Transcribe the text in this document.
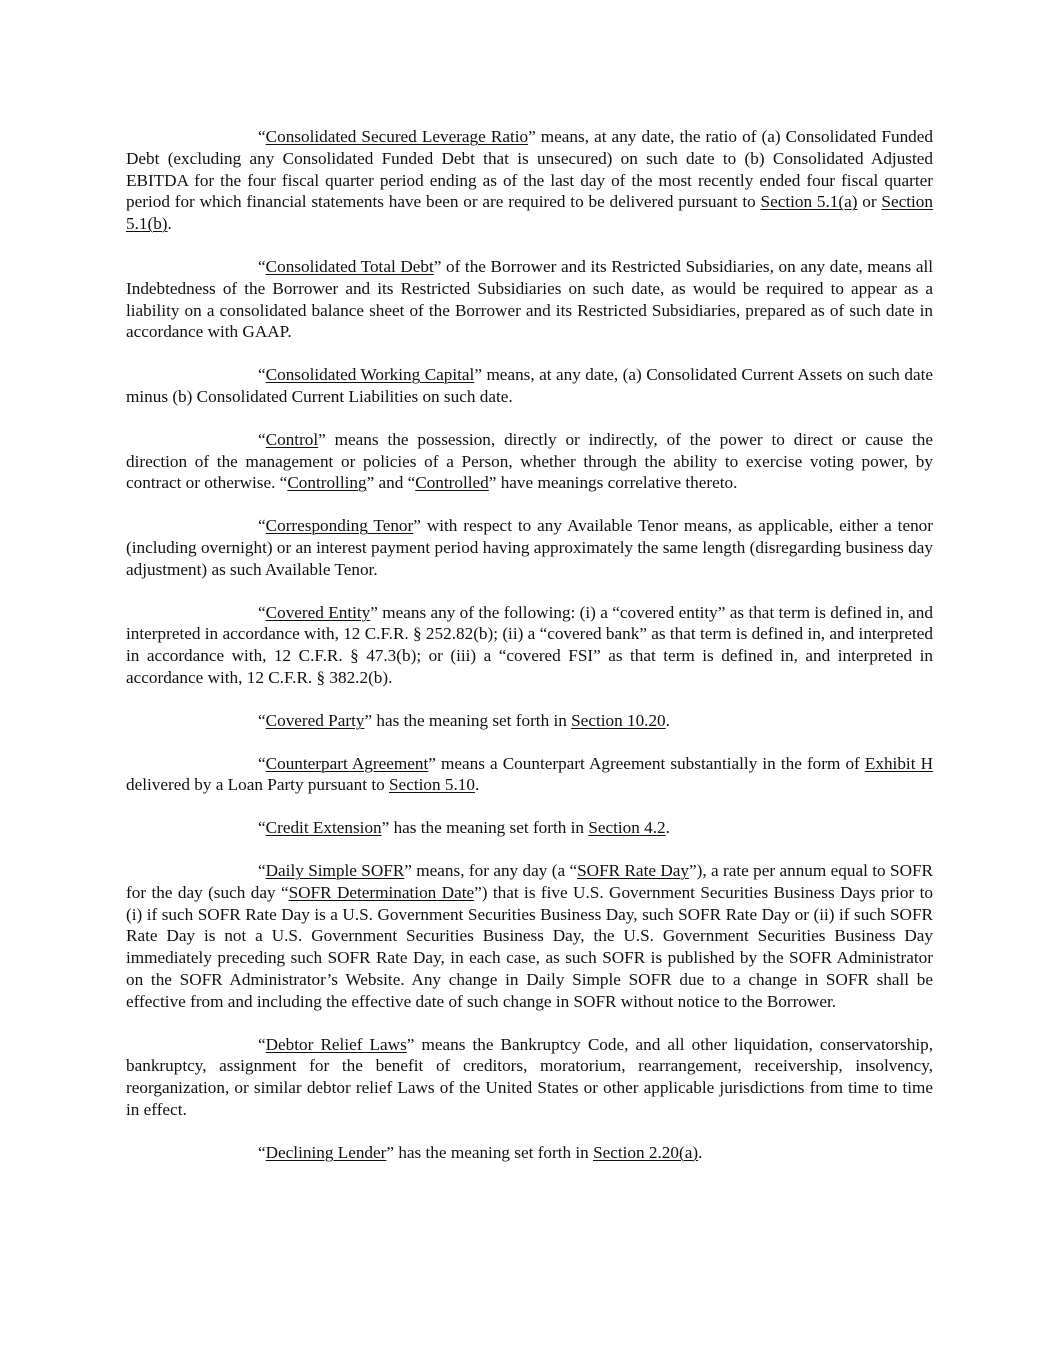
“Consolidated Secured Leverage Ratio” means, at any date, the ratio of (a) Consolidated Funded Debt (excluding any Consolidated Funded Debt that is unsecured) on such date to (b) Consolidated Adjusted EBITDA for the four fiscal quarter period ending as of the last day of the most recently ended four fiscal quarter period for which financial statements have been or are required to be delivered pursuant to Section 5.1(a) or Section 5.1(b).

“Consolidated Total Debt” of the Borrower and its Restricted Subsidiaries, on any date, means all Indebtedness of the Borrower and its Restricted Subsidiaries on such date, as would be required to appear as a liability on a consolidated balance sheet of the Borrower and its Restricted Subsidiaries, prepared as of such date in accordance with GAAP.

“Consolidated Working Capital” means, at any date, (a) Consolidated Current Assets on such date minus (b) Consolidated Current Liabilities on such date.

“Control” means the possession, directly or indirectly, of the power to direct or cause the direction of the management or policies of a Person, whether through the ability to exercise voting power, by contract or otherwise. “Controlling” and “Controlled” have meanings correlative thereto.

“Corresponding Tenor” with respect to any Available Tenor means, as applicable, either a tenor (including overnight) or an interest payment period having approximately the same length (disregarding business day adjustment) as such Available Tenor.

“Covered Entity” means any of the following: (i) a “covered entity” as that term is defined in, and interpreted in accordance with, 12 C.F.R. § 252.82(b); (ii) a “covered bank” as that term is defined in, and interpreted in accordance with, 12 C.F.R. § 47.3(b); or (iii) a “covered FSI” as that term is defined in, and interpreted in accordance with, 12 C.F.R. § 382.2(b).

“Covered Party” has the meaning set forth in Section 10.20.

“Counterpart Agreement” means a Counterpart Agreement substantially in the form of Exhibit H delivered by a Loan Party pursuant to Section 5.10.

“Credit Extension” has the meaning set forth in Section 4.2.

“Daily Simple SOFR” means, for any day (a “SOFR Rate Day”), a rate per annum equal to SOFR for the day (such day “SOFR Determination Date”) that is five U.S. Government Securities Business Days prior to (i) if such SOFR Rate Day is a U.S. Government Securities Business Day, such SOFR Rate Day or (ii) if such SOFR Rate Day is not a U.S. Government Securities Business Day, the U.S. Government Securities Business Day immediately preceding such SOFR Rate Day, in each case, as such SOFR is published by the SOFR Administrator on the SOFR Administrator’s Website. Any change in Daily Simple SOFR due to a change in SOFR shall be effective from and including the effective date of such change in SOFR without notice to the Borrower.

“Debtor Relief Laws” means the Bankruptcy Code, and all other liquidation, conservatorship, bankruptcy, assignment for the benefit of creditors, moratorium, rearrangement, receivership, insolvency, reorganization, or similar debtor relief Laws of the United States or other applicable jurisdictions from time to time in effect.

“Declining Lender” has the meaning set forth in Section 2.20(a).
